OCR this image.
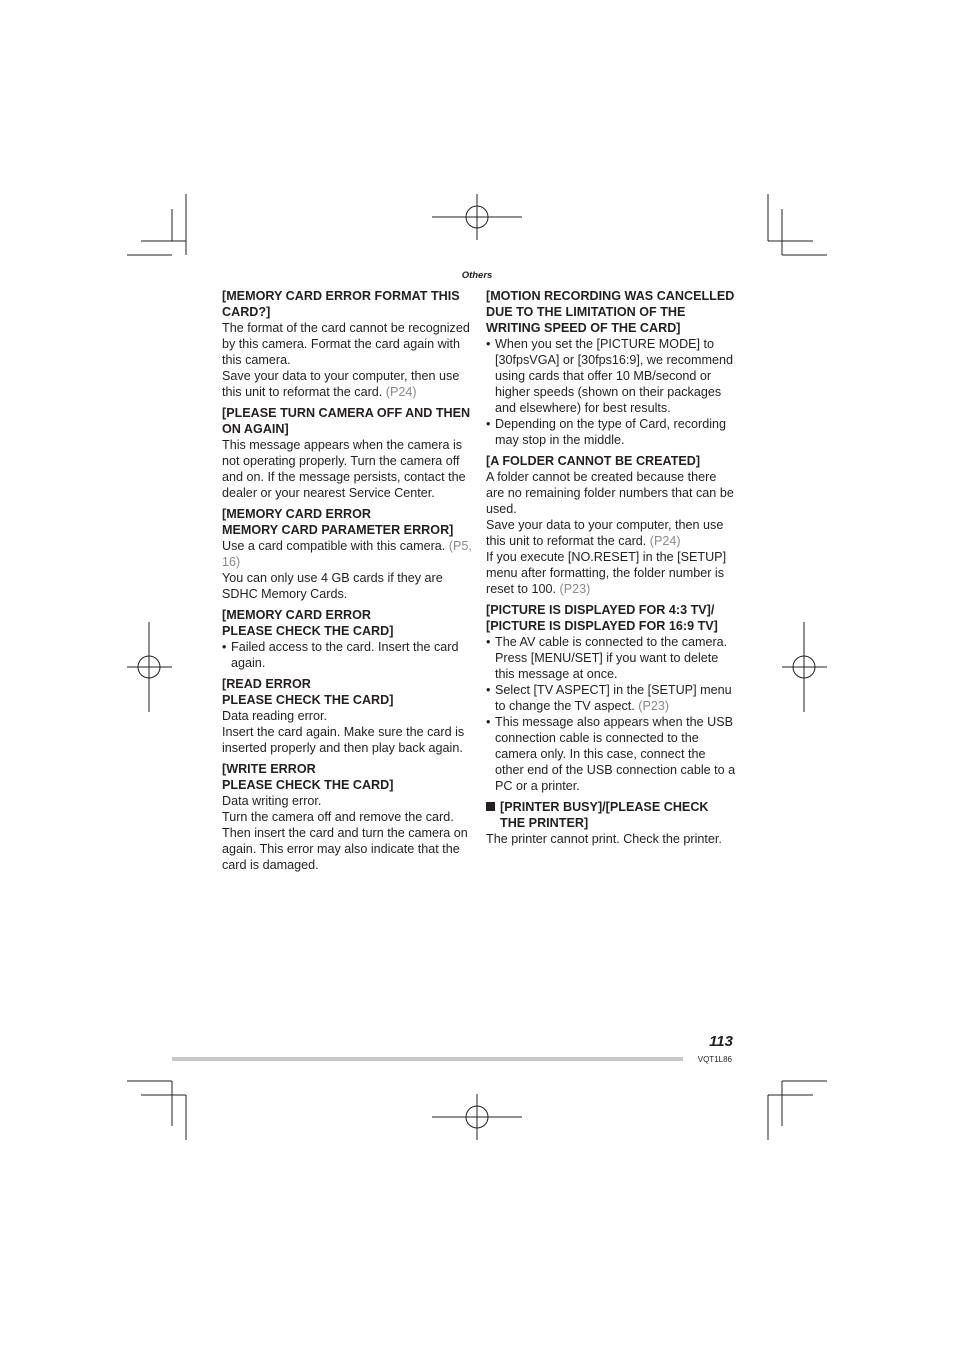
Others
[MEMORY CARD ERROR FORMAT THIS CARD?]
The format of the card cannot be recognized by this camera. Format the card again with this camera.
Save your data to your computer, then use this unit to reformat the card. (P24)
[PLEASE TURN CAMERA OFF AND THEN ON AGAIN]
This message appears when the camera is not operating properly. Turn the camera off and on. If the message persists, contact the dealer or your nearest Service Center.
[MEMORY CARD ERROR
MEMORY CARD PARAMETER ERROR]
Use a card compatible with this camera. (P5, 16)
You can only use 4 GB cards if they are SDHC Memory Cards.
[MEMORY CARD ERROR
PLEASE CHECK THE CARD]
• Failed access to the card. Insert the card again.
[READ ERROR
PLEASE CHECK THE CARD]
Data reading error.
Insert the card again. Make sure the card is inserted properly and then play back again.
[WRITE ERROR
PLEASE CHECK THE CARD]
Data writing error.
Turn the camera off and remove the card. Then insert the card and turn the camera on again. This error may also indicate that the card is damaged.
[MOTION RECORDING WAS CANCELLED DUE TO THE LIMITATION OF THE WRITING SPEED OF THE CARD]
• When you set the [PICTURE MODE] to [30fpsVGA] or [30fps16:9], we recommend using cards that offer 10 MB/second or higher speeds (shown on their packages and elsewhere) for best results.
• Depending on the type of Card, recording may stop in the middle.
[A FOLDER CANNOT BE CREATED]
A folder cannot be created because there are no remaining folder numbers that can be used.
Save your data to your computer, then use this unit to reformat the card. (P24)
If you execute [NO.RESET] in the [SETUP] menu after formatting, the folder number is reset to 100. (P23)
[PICTURE IS DISPLAYED FOR 4:3 TV]/
[PICTURE IS DISPLAYED FOR 16:9 TV]
• The AV cable is connected to the camera. Press [MENU/SET] if you want to delete this message at once.
• Select [TV ASPECT] in the [SETUP] menu to change the TV aspect. (P23)
• This message also appears when the USB connection cable is connected to the camera only. In this case, connect the other end of the USB connection cable to a PC or a printer.
[PRINTER BUSY]/[PLEASE CHECK THE PRINTER]
The printer cannot print. Check the printer.
113
VQT1L86
